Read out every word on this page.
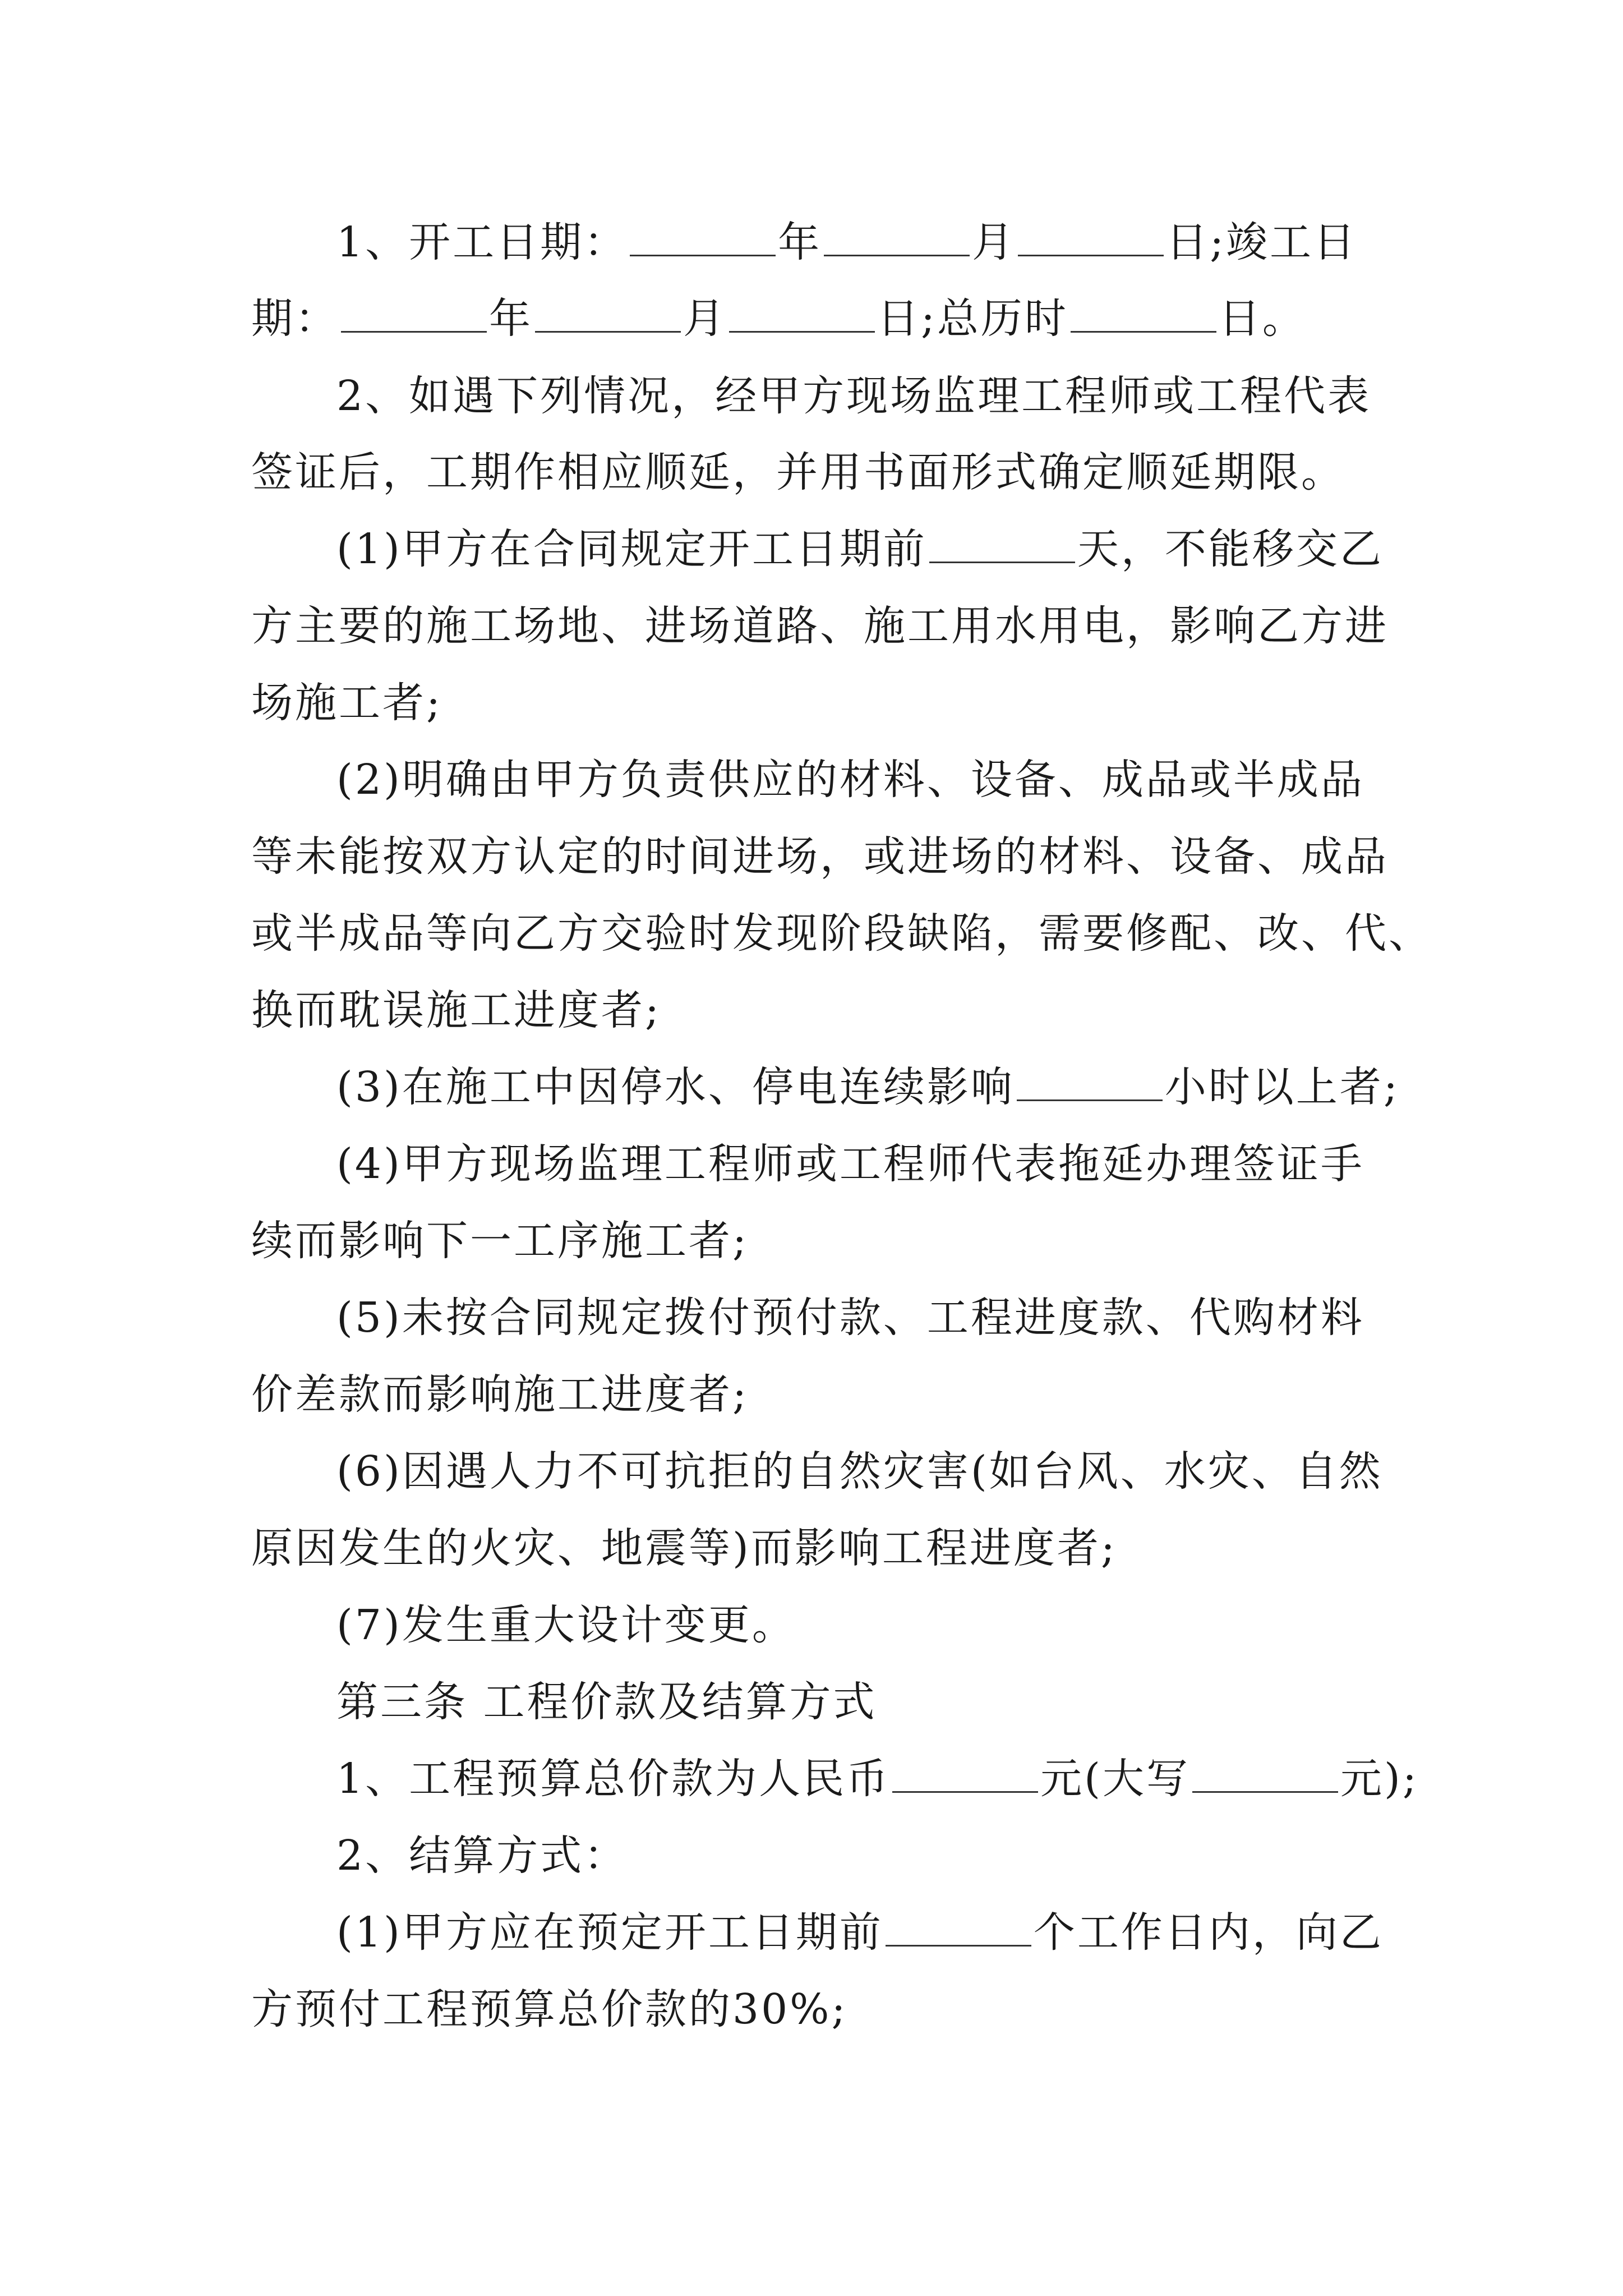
1、开工日期：	年	月	日;竣工日
期：	年	月	日;总历时	日。
2、如遇下列情况，经甲方现场监理工程师或工程代表
签证后，工期作相应顺延，并用书面形式确定顺延期限。
(1)甲方在合同规定开工日期前	天，不能移交乙
方主要的施工场地、进场道路、施工用水用电，影响乙方进
场施工者;
(2)明确由甲方负责供应的材料、设备、成品或半成品
等未能按双方认定的时间进场，或进场的材料、设备、成品
或半成品等向乙方交验时发现阶段缺陷，需要修配、改、代、
换而耽误施工进度者;
(3)在施工中因停水、停电连续影响	小时以上者;
(4)甲方现场监理工程师或工程师代表拖延办理签证手
续而影响下一工序施工者;
(5)未按合同规定拨付预付款、工程进度款、代购材料
价差款而影响施工进度者;
(6)因遇人力不可抗拒的自然灾害(如台风、水灾、自然
原因发生的火灾、地震等)而影响工程进度者;
(7)发生重大设计变更。
第三条 工程价款及结算方式
1、工程预算总价款为人民币	元(大写	元);
2、结算方式：
(1)甲方应在预定开工日期前	个工作日内，向乙
方预付工程预算总价款的30%;
